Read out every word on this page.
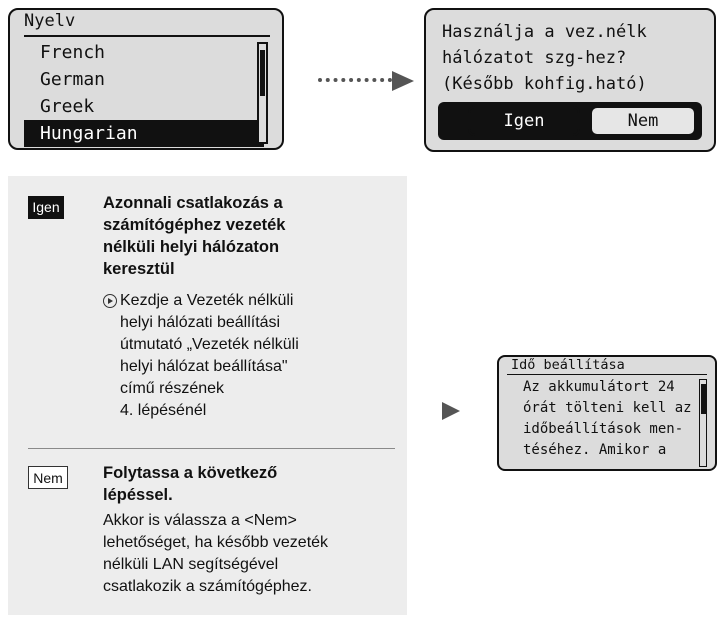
Nyelv
French
German
Greek
Hungarian
Használja a vez.nélk
hálózatot szg-hez?
(Később kohfig.ható)
Igen	Nem
Igen	Azonnali csatlakozás a
számítógéphez vezeték
nélküli helyi hálózaton
keresztül
Kezdje a Vezeték nélküli
helyi hálózati beállítási
útmutató „Vezeték nélküli
helyi hálózat beállítása"
című részének
4. lépésénél
Nem	Folytassa a következő
lépéssel.
Akkor is válassza a <Nem>
lehetőséget, ha később vezeték
nélküli LAN segítségével
csatlakozik a számítógéphez.
Idő beállítása
Az akkumulátort 24
órát tölteni kell az
időbeállítások men-
téséhez. Amikor a
